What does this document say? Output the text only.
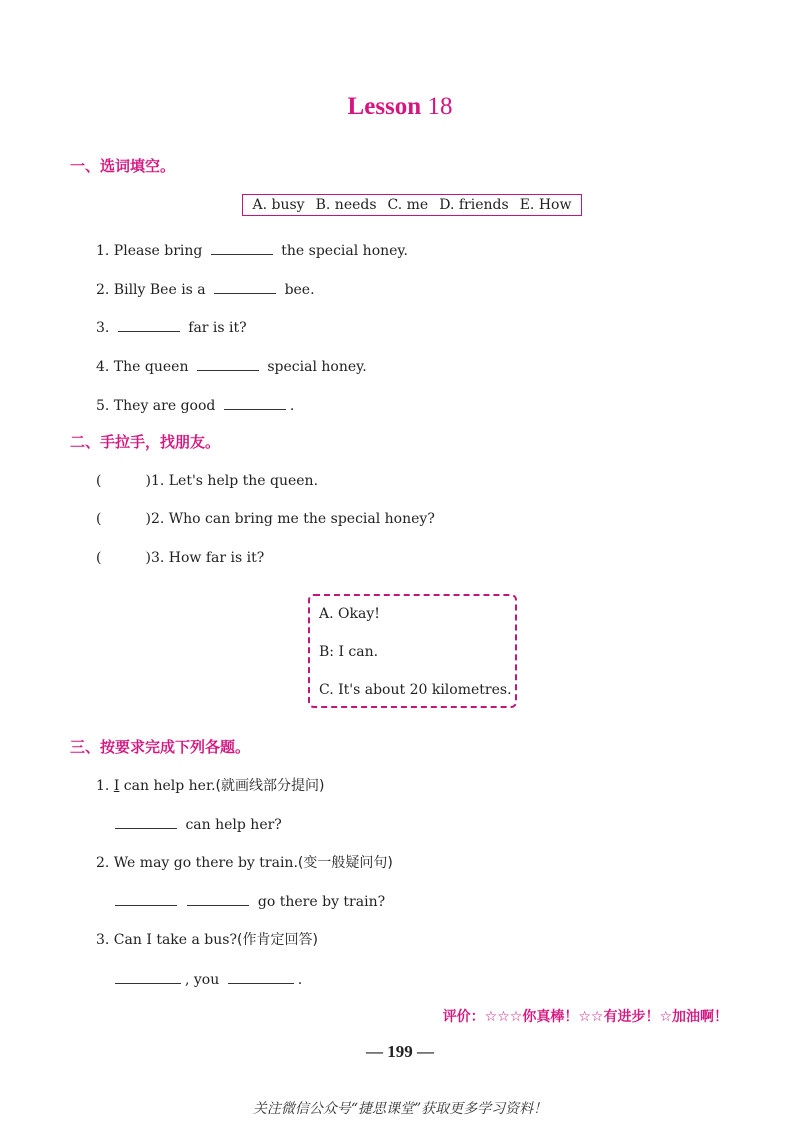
Lesson 18
一、选词填空。
A. busy B. needs C. me D. friends E. How
1. Please bring	the special honey.
2. Billy Bee is a	bee.
3.	far is it?
4. The queen	special honey.
5. They are good	.
二、手拉手，找朋友。
(	)1. Let's help the queen.
(	)2. Who can bring me the special honey?
(	)3. How far is it?
A. Okay!
B: I can.
C. It's about 20 kilometres.
三、按要求完成下列各题。
1. I can help her.(就画线部分提问)
can help her?
2. We may go there by train.(变一般疑问句)
go there by train?
3. Can I take a bus?(作肯定回答)
, you	.
评价：☆☆☆你真棒！☆☆有进步！☆加油啊！
— 199 —
关注微信公众号“捷思课堂”获取更多学习资料！
